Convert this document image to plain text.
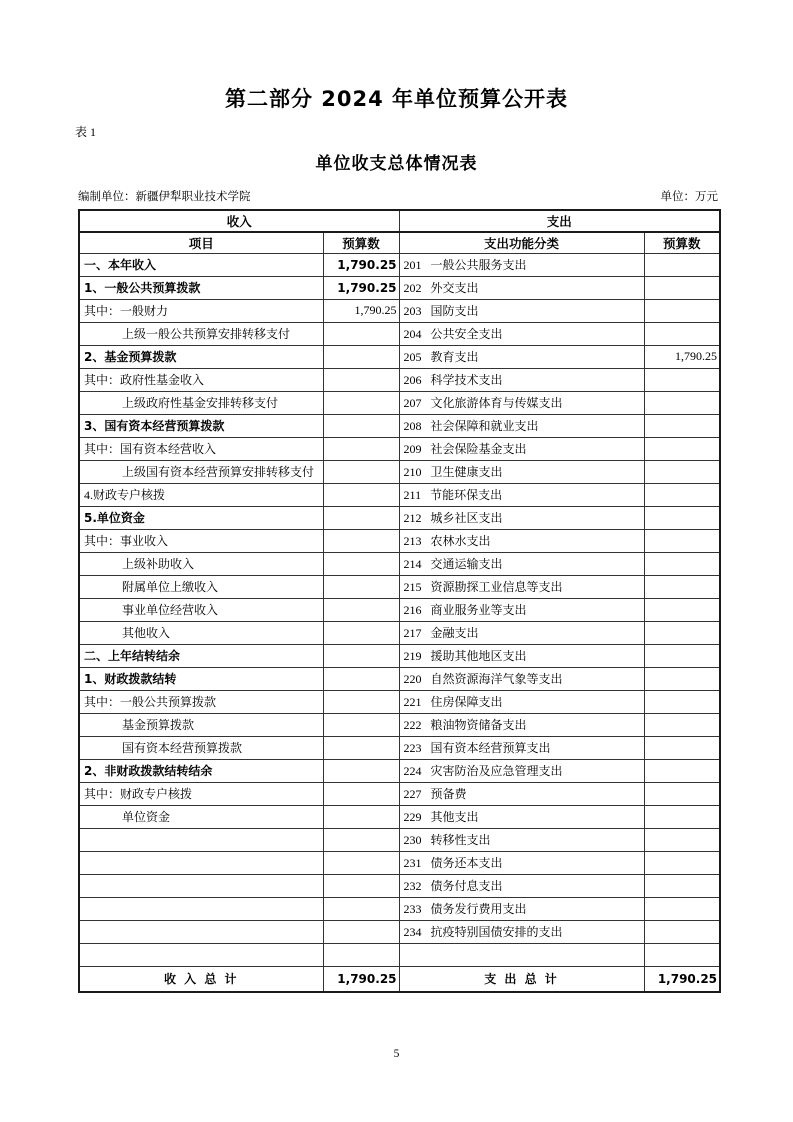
第二部分 2024 年单位预算公开表
表 1
单位收支总体情况表
编制单位：新疆伊犁职业技术学院	单位：万元
收入		支出	
项目	预算数	支出功能分类	预算数
一、本年收入	1,790.25	201 一般公共服务支出	
1、一般公共预算拨款	1,790.25	202 外交支出	
其中：一般财力	1,790.25	203 国防支出	
上级一般公共预算安排转移支付		204 公共安全支出	
2、基金预算拨款		205 教育支出	1,790.25
其中：政府性基金收入		206 科学技术支出	
上级政府性基金安排转移支付		207 文化旅游体育与传媒支出	
3、国有资本经营预算拨款		208 社会保障和就业支出	
其中：国有资本经营收入		209 社会保险基金支出	
上级国有资本经营预算安排转移支付		210 卫生健康支出	
4.财政专户核拨		211 节能环保支出	
5.单位资金		212 城乡社区支出	
其中：事业收入		213 农林水支出	
上级补助收入		214 交通运输支出	
附属单位上缴收入		215 资源勘探工业信息等支出	
事业单位经营收入		216 商业服务业等支出	
其他收入		217 金融支出	
二、上年结转结余		219 援助其他地区支出	
1、财政拨款结转		220 自然资源海洋气象等支出	
其中：一般公共预算拨款		221 住房保障支出	
基金预算拨款		222 粮油物资储备支出	
国有资本经营预算拨款		223 国有资本经营预算支出	
2、非财政拨款结转结余		224 灾害防治及应急管理支出	
其中：财政专户核拨		227 预备费	
单位资金		229 其他支出	
		230 转移性支出	
		231 债务还本支出	
		232 债务付息支出	
		233 债务发行费用支出	
		234 抗疫特别国债安排的支出	

收 入 总 计	1,790.25	支 出 总 计	1,790.25
5
